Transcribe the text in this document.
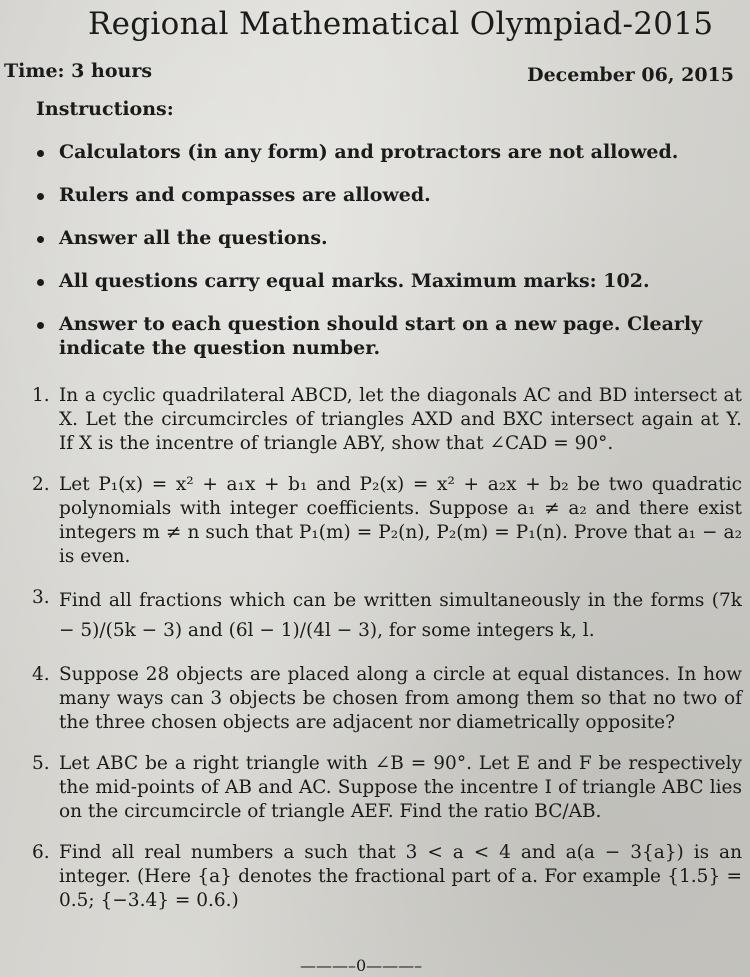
Regional Mathematical Olympiad-2015
Time: 3 hours	December 06, 2015
Instructions:
Calculators (in any form) and protractors are not allowed.
Rulers and compasses are allowed.
Answer all the questions.
All questions carry equal marks. Maximum marks: 102.
Answer to each question should start on a new page. Clearly indicate the question number.
1. In a cyclic quadrilateral ABCD, let the diagonals AC and BD intersect at X. Let the circumcircles of triangles AXD and BXC intersect again at Y. If X is the incentre of triangle ABY, show that ∠CAD = 90°.
2. Let P₁(x) = x² + a₁x + b₁ and P₂(x) = x² + a₂x + b₂ be two quadratic polynomials with integer coefficients. Suppose a₁ ≠ a₂ and there exist integers m ≠ n such that P₁(m) = P₂(n), P₂(m) = P₁(n). Prove that a₁ − a₂ is even.
3. Find all fractions which can be written simultaneously in the forms (7k − 5)/(5k − 3) and (6l − 1)/(4l − 3), for some integers k, l.
4. Suppose 28 objects are placed along a circle at equal distances. In how many ways can 3 objects be chosen from among them so that no two of the three chosen objects are adjacent nor diametrically opposite?
5. Let ABC be a right triangle with ∠B = 90°. Let E and F be respectively the mid-points of AB and AC. Suppose the incentre I of triangle ABC lies on the circumcircle of triangle AEF. Find the ratio BC/AB.
6. Find all real numbers a such that 3 < a < 4 and a(a − 3{a}) is an integer. (Here {a} denotes the fractional part of a. For example {1.5} = 0.5; {−3.4} = 0.6.)
———–0———–
